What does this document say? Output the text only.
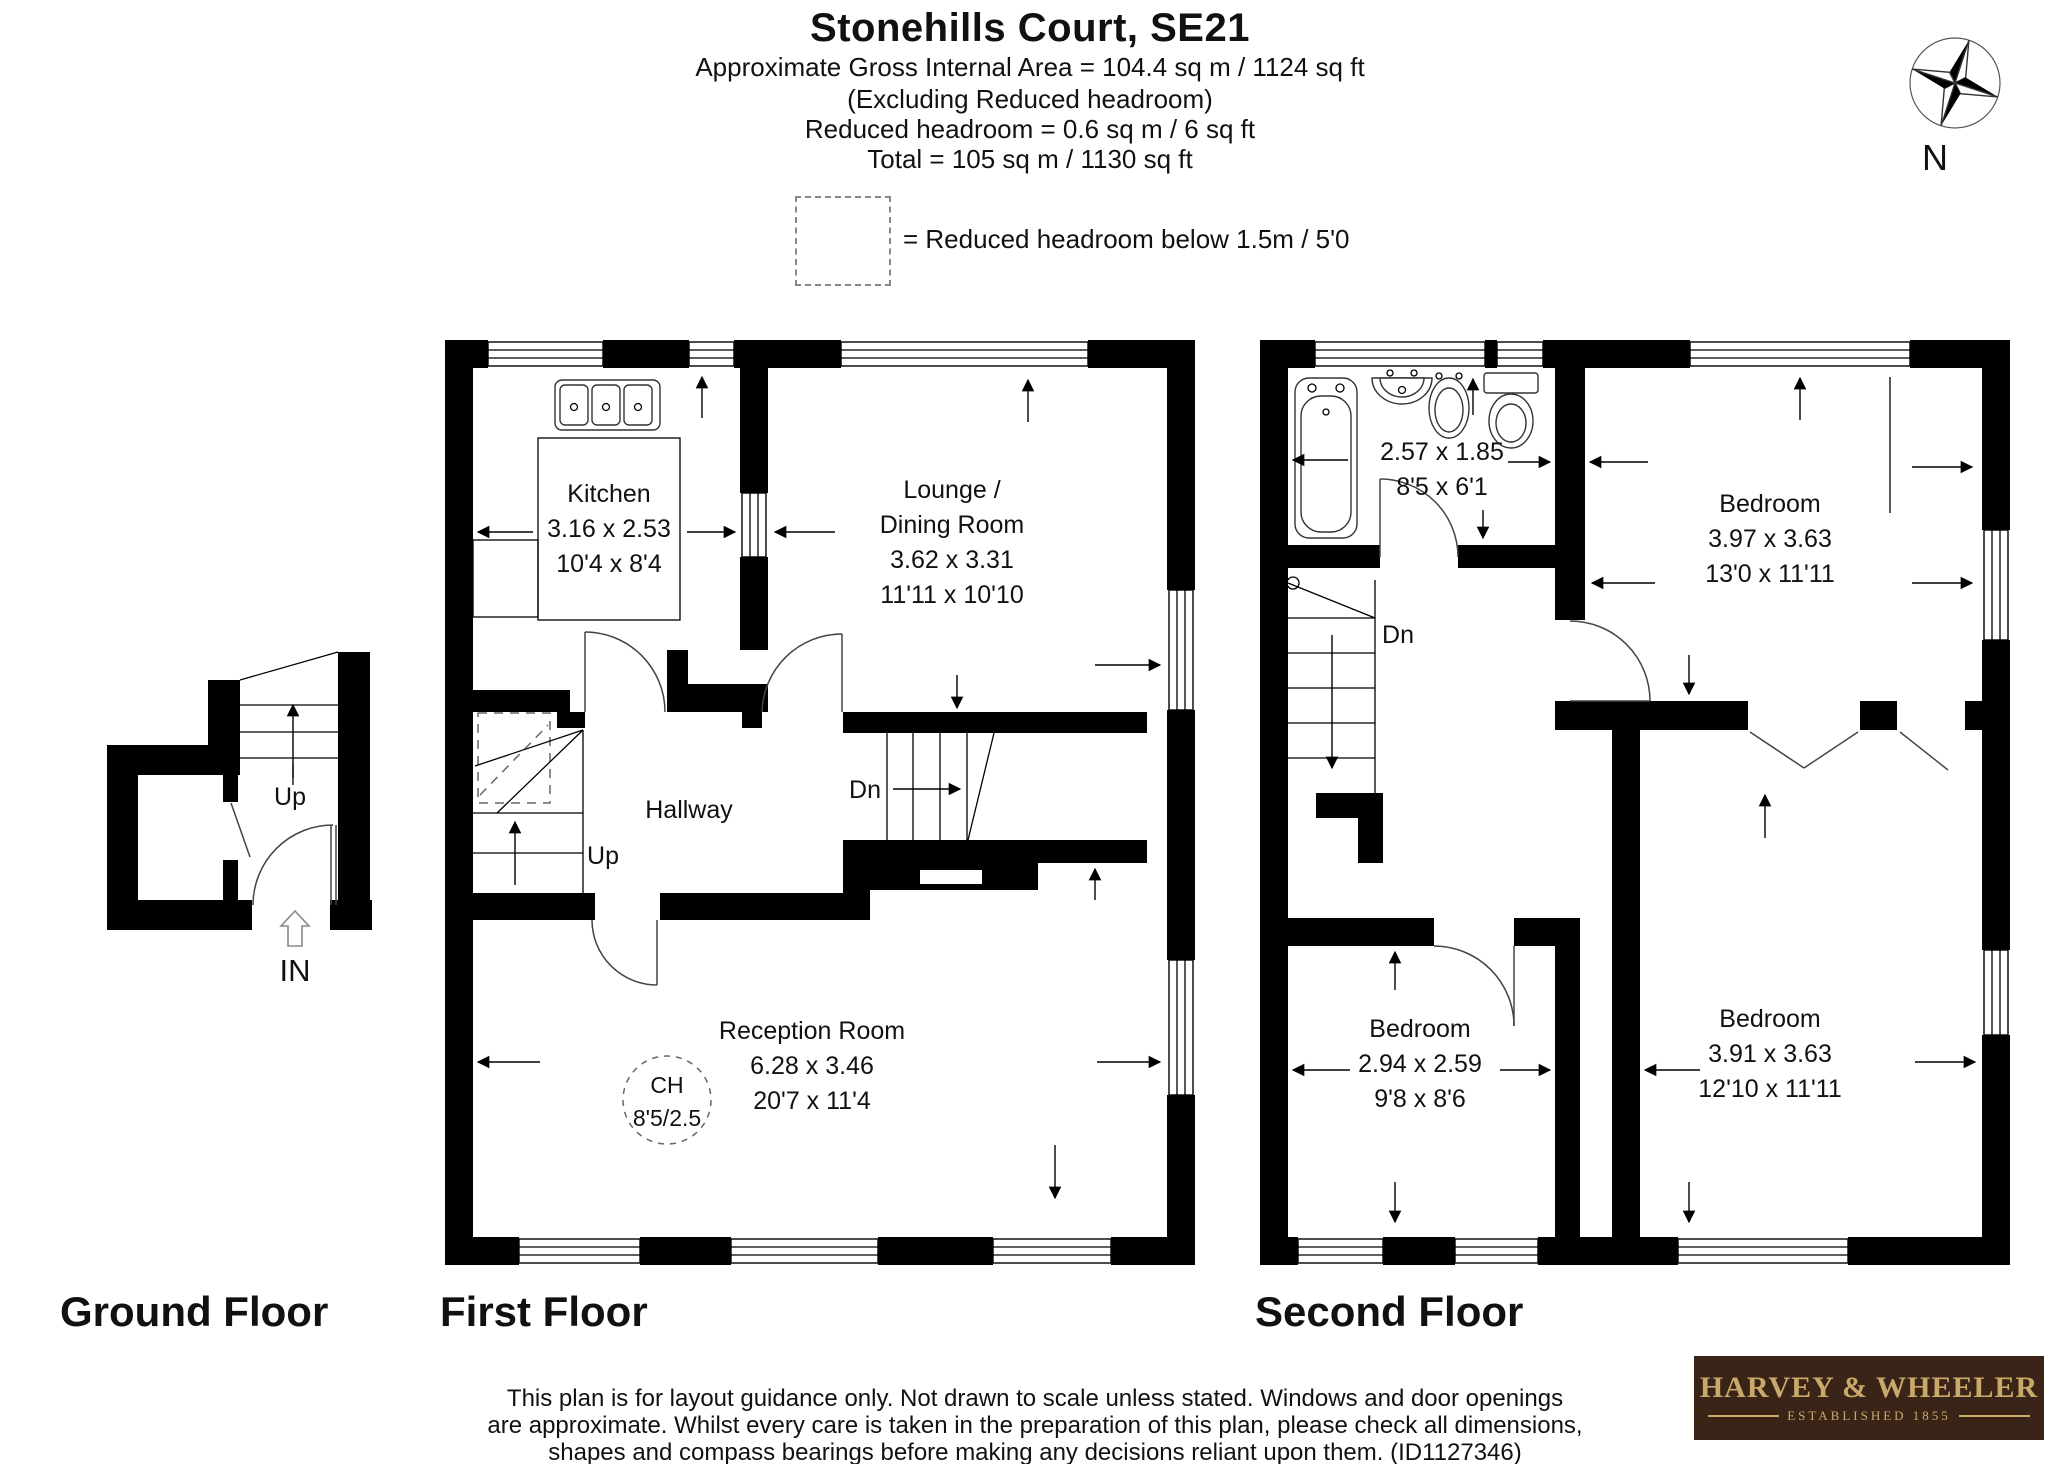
Stonehills Court, SE21
Approximate Gross Internal Area = 104.4 sq m / 1124 sq ft
(Excluding Reduced headroom)
Reduced headroom = 0.6 sq m / 6 sq ft
Total = 105 sq m / 1130 sq ft
= Reduced headroom below 1.5m / 5'0
N
Up
IN
Kitchen
3.16 x 2.53
10'4 x 8'4
Lounge /
Dining Room
3.62 x 3.31
11'11 x 10'10
Hallway
Up
Dn
Reception Room
6.28 x 3.46
20'7 x 11'4
CH
8'5/2.5
2.57 x 1.85
8'5 x 6'1
Dn
Bedroom
3.97 x 3.63
13'0 x 11'11
Bedroom
2.94 x 2.59
9'8 x 8'6
Bedroom
3.91 x 3.63
12'10 x 11'11
Ground Floor	First Floor	Second Floor
This plan is for layout guidance only. Not drawn to scale unless stated. Windows and door openings
are approximate. Whilst every care is taken in the preparation of this plan, please check all dimensions,
shapes and compass bearings before making any decisions reliant upon them. (ID1127346)
HARVEY & WHEELER
ESTABLISHED 1855
